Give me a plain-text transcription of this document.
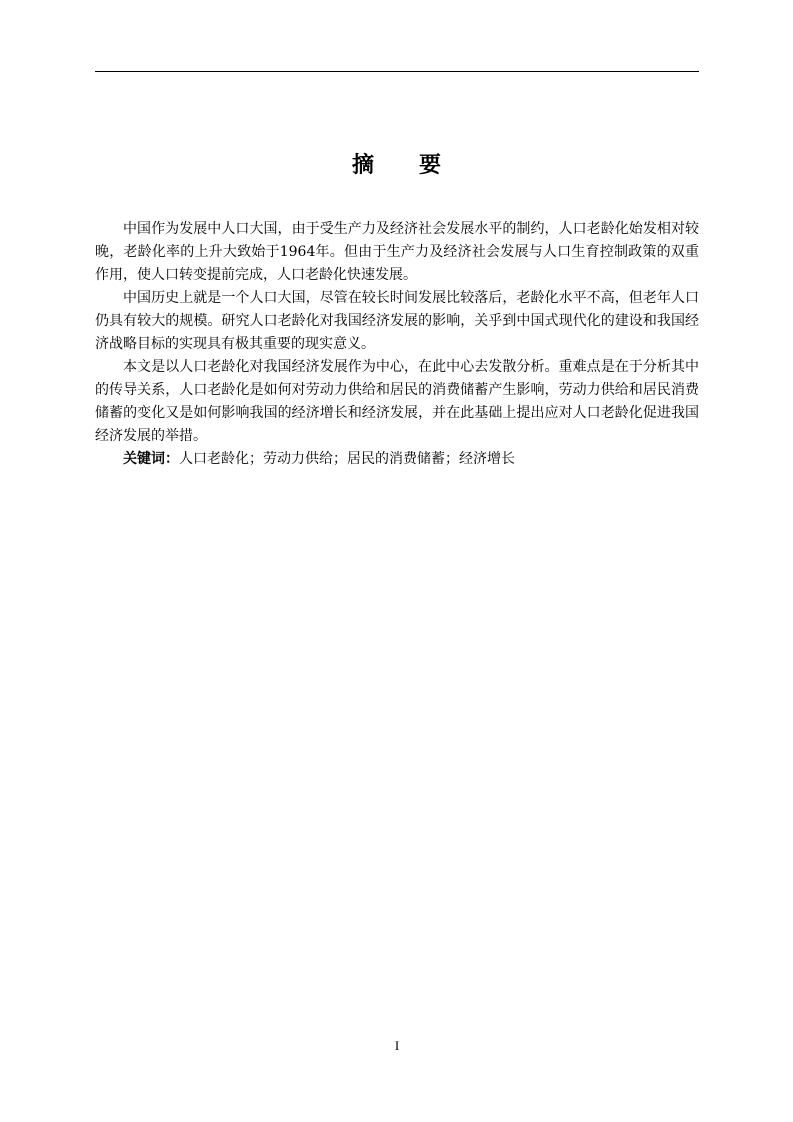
摘 要

中国作为发展中人口大国，由于受生产力及经济社会发展水平的制约，人口老龄化始发相对较晚，老龄化率的上升大致始于1964年。但由于生产力及经济社会发展与人口生育控制政策的双重作用，使人口转变提前完成，人口老龄化快速发展。

中国历史上就是一个人口大国，尽管在较长时间发展比较落后，老龄化水平不高，但老年人口仍具有较大的规模。研究人口老龄化对我国经济发展的影响，关乎到中国式现代化的建设和我国经济战略目标的实现具有极其重要的现实意义。

本文是以人口老龄化对我国经济发展作为中心，在此中心去发散分析。重难点是在于分析其中的传导关系，人口老龄化是如何对劳动力供给和居民的消费储蓄产生影响，劳动力供给和居民消费储蓄的变化又是如何影响我国的经济增长和经济发展，并在此基础上提出应对人口老龄化促进我国经济发展的举措。

关键词：人口老龄化；劳动力供给；居民的消费储蓄；经济增长

I
